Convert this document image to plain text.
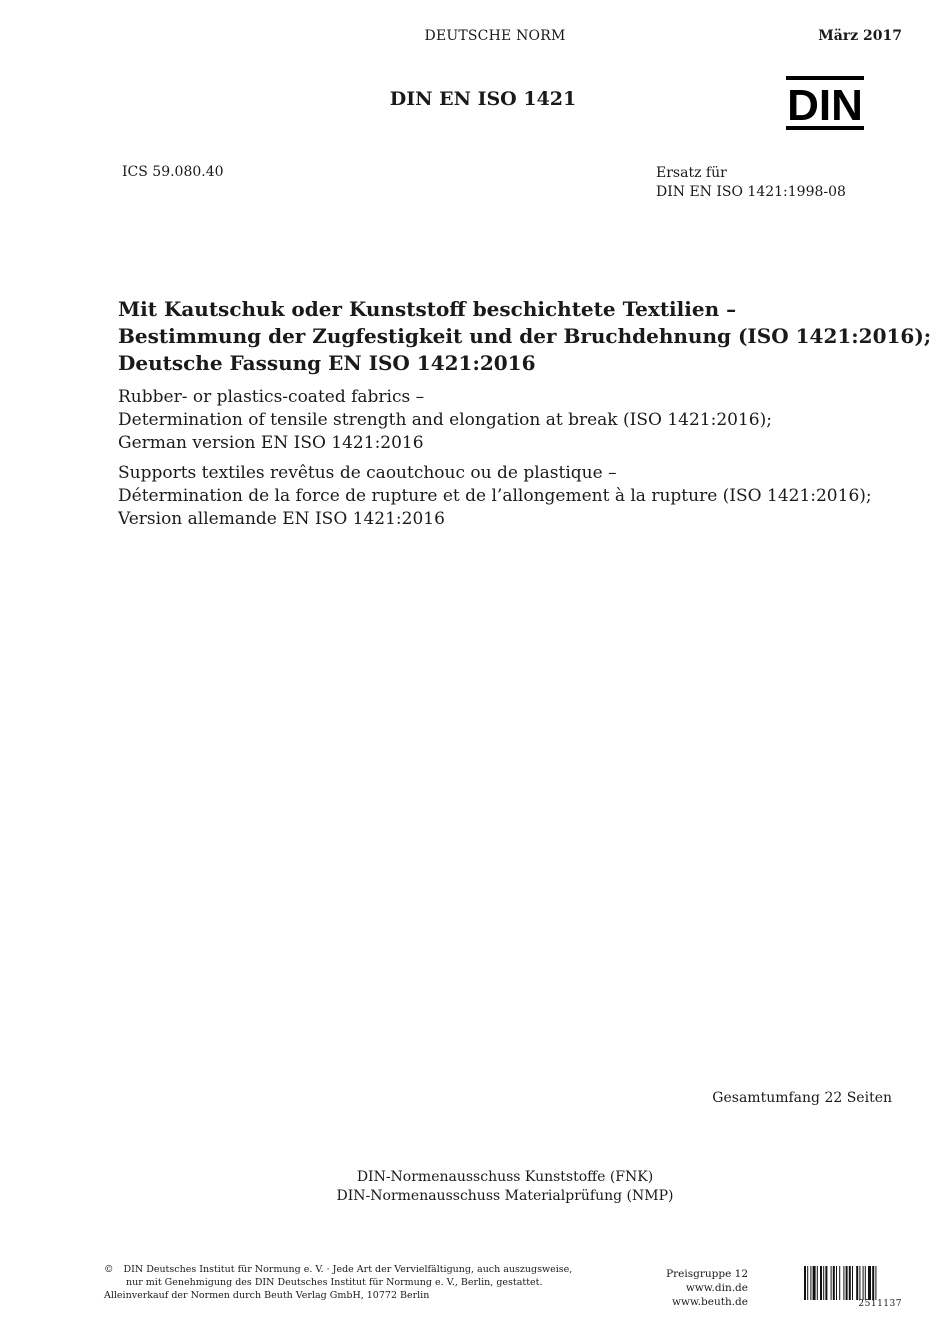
DEUTSCHE NORM	März 2017
DIN EN ISO 1421	DIN
ICS 59.080.40	Ersatz für
DIN EN ISO 1421:1998-08
Mit Kautschuk oder Kunststoff beschichtete Textilien –
Bestimmung der Zugfestigkeit und der Bruchdehnung (ISO 1421:2016);
Deutsche Fassung EN ISO 1421:2016
Rubber- or plastics-coated fabrics –
Determination of tensile strength and elongation at break (ISO 1421:2016);
German version EN ISO 1421:2016
Supports textiles revêtus de caoutchouc ou de plastique –
Détermination de la force de rupture et de l’allongement à la rupture (ISO 1421:2016);
Version allemande EN ISO 1421:2016
Gesamtumfang 22 Seiten
DIN-Normenausschuss Kunststoffe (FNK)
DIN-Normenausschuss Materialprüfung (NMP)
© DIN Deutsches Institut für Normung e. V. · Jede Art der Vervielfältigung, auch auszugsweise,
nur mit Genehmigung des DIN Deutsches Institut für Normung e. V., Berlin, gestattet.
Alleinverkauf der Normen durch Beuth Verlag GmbH, 10772 Berlin
Preisgruppe 12
www.din.de
www.beuth.de	2511137
